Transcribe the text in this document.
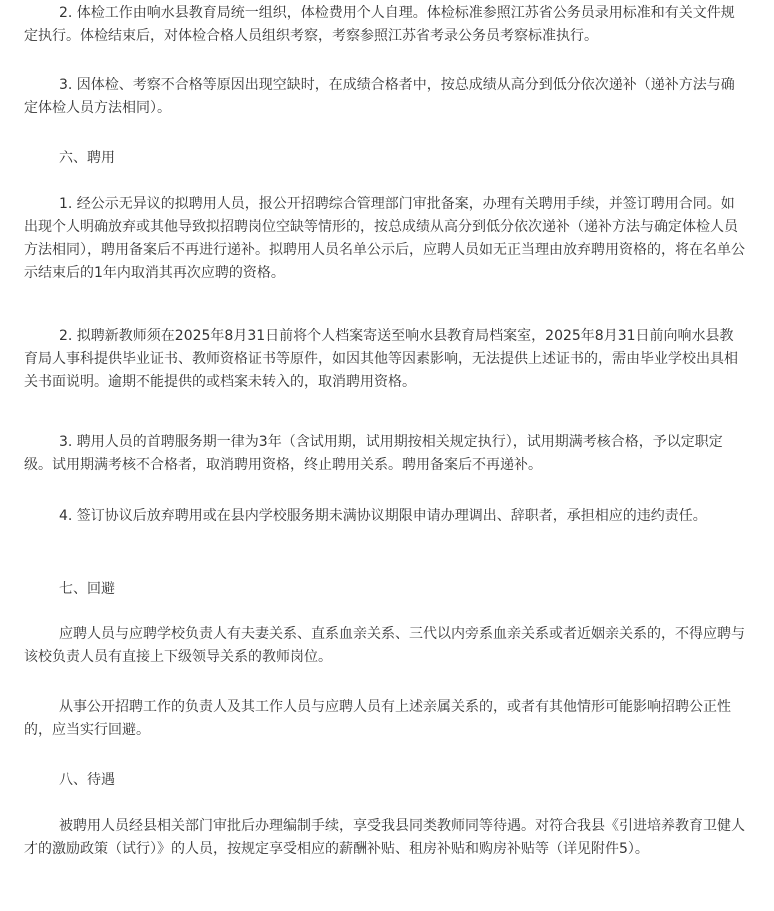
2. 体检工作由响水县教育局统一组织，体检费用个人自理。体检标准参照江苏省公务员录用标准和有关文件规定执行。体检结束后，对体检合格人员组织考察，考察参照江苏省考录公务员考察标准执行。

3. 因体检、考察不合格等原因出现空缺时，在成绩合格者中，按总成绩从高分到低分依次递补（递补方法与确定体检人员方法相同）。

六、聘用

1. 经公示无异议的拟聘用人员，报公开招聘综合管理部门审批备案，办理有关聘用手续，并签订聘用合同。如出现个人明确放弃或其他导致拟招聘岗位空缺等情形的，按总成绩从高分到低分依次递补（递补方法与确定体检人员方法相同），聘用备案后不再进行递补。拟聘用人员名单公示后，应聘人员如无正当理由放弃聘用资格的，将在名单公示结束后的1年内取消其再次应聘的资格。

2. 拟聘新教师须在2025年8月31日前将个人档案寄送至响水县教育局档案室，2025年8月31日前向响水县教育局人事科提供毕业证书、教师资格证书等原件，如因其他等因素影响，无法提供上述证书的，需由毕业学校出具相关书面说明。逾期不能提供的或档案未转入的，取消聘用资格。

3. 聘用人员的首聘服务期一律为3年（含试用期，试用期按相关规定执行），试用期满考核合格，予以定职定级。试用期满考核不合格者，取消聘用资格，终止聘用关系。聘用备案后不再递补。

4. 签订协议后放弃聘用或在县内学校服务期未满协议期限申请办理调出、辞职者，承担相应的违约责任。

七、回避

应聘人员与应聘学校负责人有夫妻关系、直系血亲关系、三代以内旁系血亲关系或者近姻亲关系的，不得应聘与该校负责人员有直接上下级领导关系的教师岗位。

从事公开招聘工作的负责人及其工作人员与应聘人员有上述亲属关系的，或者有其他情形可能影响招聘公正性的，应当实行回避。

八、待遇

被聘用人员经县相关部门审批后办理编制手续，享受我县同类教师同等待遇。对符合我县《引进培养教育卫健人才的激励政策（试行）》的人员，按规定享受相应的薪酬补贴、租房补贴和购房补贴等（详见附件5）。
